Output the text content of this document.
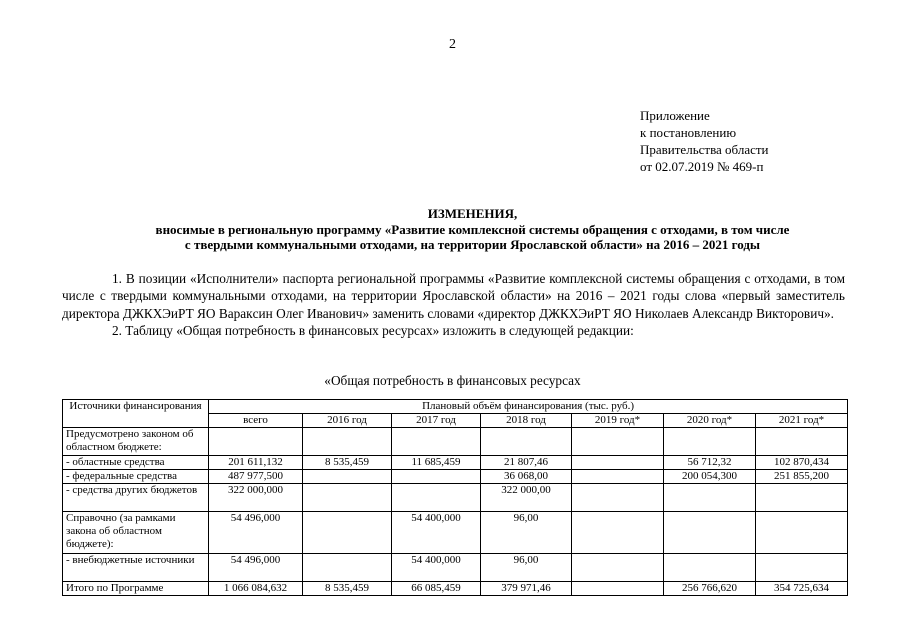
2
Приложение
к постановлению
Правительства области
от 02.07.2019 № 469-п
ИЗМЕНЕНИЯ,
вносимые в региональную программу «Развитие комплексной системы обращения с отходами, в том числе
с твердыми коммунальными отходами, на территории Ярославской области» на 2016 – 2021 годы

1. В позиции «Исполнители» паспорта региональной программы «Развитие комплексной системы обращения с отходами, в том числе с твердыми коммунальными отходами, на территории Ярославской области» на 2016 – 2021 годы слова «первый заместитель директора ДЖКХЭиРТ ЯО Варaкcин Олег Иванович» заменить словами «директор ДЖКХЭиРТ ЯО Николаев Александр Викторович».

2. Таблицу «Общая потребность в финансовых ресурсах» изложить в следующей редакции:

«Общая потребность в финансовых ресурсах
Источники финансирования	Плановый объём финансирования (тыс. руб.)						
	всего	2016 год	2017 год	2018 год	2019 год*	2020 год*	2021 год*
Предусмотрено законом об областном бюджете:							
- областные средства	201 611,132	8 535,459	11 685,459	21 807,46		56 712,32	102 870,434
- федеральные средства	487 977,500			36 068,00		200 054,300	251 855,200
- средства других бюджетов	322 000,000			322 000,00			
Справочно (за рамками закона об областном бюджете):	54 496,000		54 400,000	96,00			
- внебюджетные источники	54 496,000		54 400,000	96,00			
Итого по Программе	1 066 084,632	8 535,459	66 085,459	379 971,46		256 766,620	354 725,634
